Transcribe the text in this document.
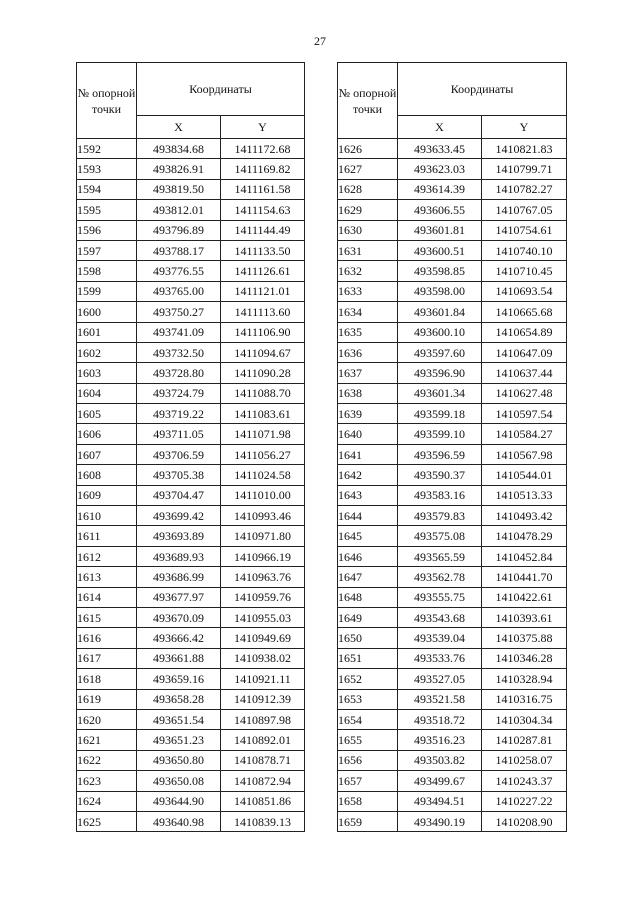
27
№ опорной точки	Координаты	
	X	Y
1592	493834.68	1411172.68
1593	493826.91	1411169.82
1594	493819.50	1411161.58
1595	493812.01	1411154.63
1596	493796.89	1411144.49
1597	493788.17	1411133.50
1598	493776.55	1411126.61
1599	493765.00	1411121.01
1600	493750.27	1411113.60
1601	493741.09	1411106.90
1602	493732.50	1411094.67
1603	493728.80	1411090.28
1604	493724.79	1411088.70
1605	493719.22	1411083.61
1606	493711.05	1411071.98
1607	493706.59	1411056.27
1608	493705.38	1411024.58
1609	493704.47	1411010.00
1610	493699.42	1410993.46
1611	493693.89	1410971.80
1612	493689.93	1410966.19
1613	493686.99	1410963.76
1614	493677.97	1410959.76
1615	493670.09	1410955.03
1616	493666.42	1410949.69
1617	493661.88	1410938.02
1618	493659.16	1410921.11
1619	493658.28	1410912.39
1620	493651.54	1410897.98
1621	493651.23	1410892.01
1622	493650.80	1410878.71
1623	493650.08	1410872.94
1624	493644.90	1410851.86
1625	493640.98	1410839.13
№ опорной точки	Координаты	
	X	Y
1626	493633.45	1410821.83
1627	493623.03	1410799.71
1628	493614.39	1410782.27
1629	493606.55	1410767.05
1630	493601.81	1410754.61
1631	493600.51	1410740.10
1632	493598.85	1410710.45
1633	493598.00	1410693.54
1634	493601.84	1410665.68
1635	493600.10	1410654.89
1636	493597.60	1410647.09
1637	493596.90	1410637.44
1638	493601.34	1410627.48
1639	493599.18	1410597.54
1640	493599.10	1410584.27
1641	493596.59	1410567.98
1642	493590.37	1410544.01
1643	493583.16	1410513.33
1644	493579.83	1410493.42
1645	493575.08	1410478.29
1646	493565.59	1410452.84
1647	493562.78	1410441.70
1648	493555.75	1410422.61
1649	493543.68	1410393.61
1650	493539.04	1410375.88
1651	493533.76	1410346.28
1652	493527.05	1410328.94
1653	493521.58	1410316.75
1654	493518.72	1410304.34
1655	493516.23	1410287.81
1656	493503.82	1410258.07
1657	493499.67	1410243.37
1658	493494.51	1410227.22
1659	493490.19	1410208.90
